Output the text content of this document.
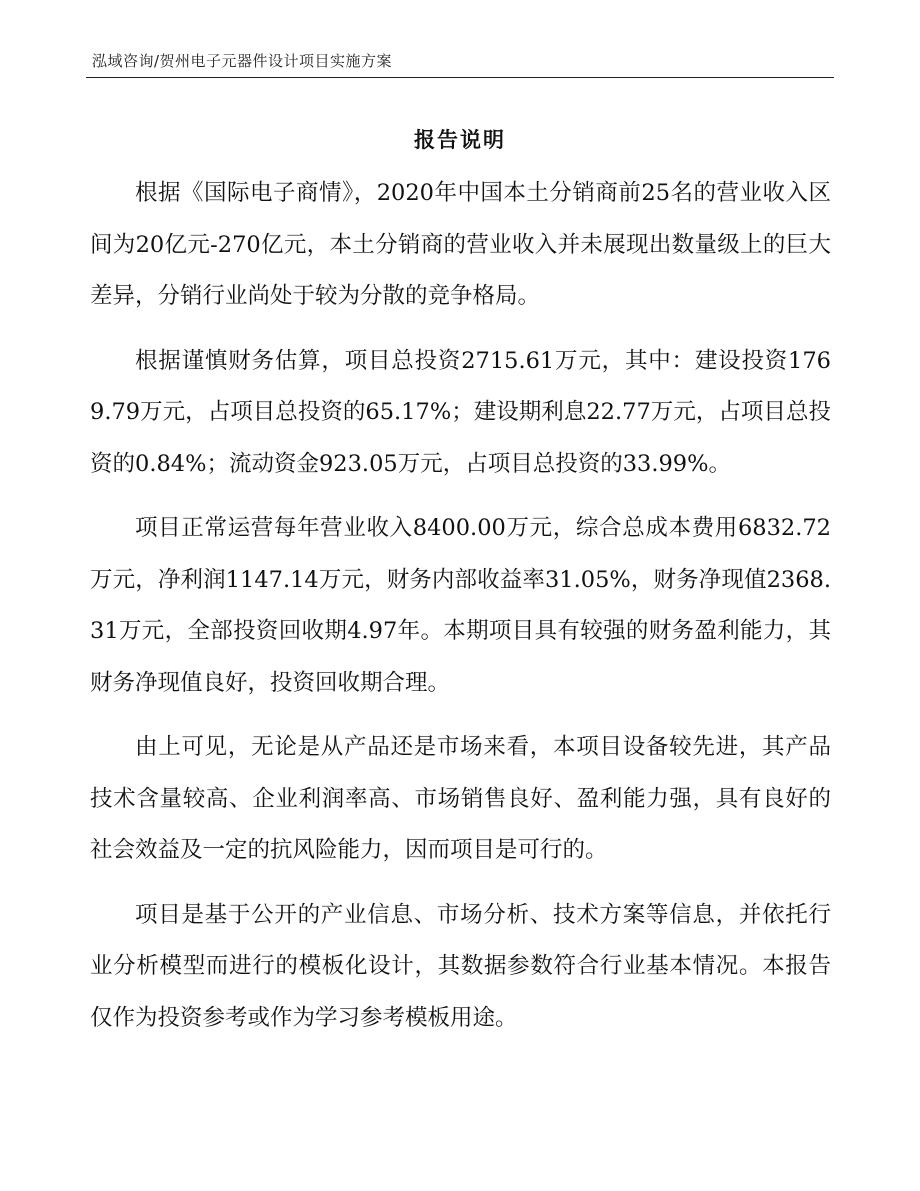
泓域咨询/贺州电子元器件设计项目实施方案
报告说明

根据《国际电子商情》，2020年中国本土分销商前25名的营业收入区间为20亿元-270亿元，本土分销商的营业收入并未展现出数量级上的巨大差异，分销行业尚处于较为分散的竞争格局。

根据谨慎财务估算，项目总投资2715.61万元，其中：建设投资1769.79万元，占项目总投资的65.17%；建设期利息22.77万元，占项目总投资的0.84%；流动资金923.05万元，占项目总投资的33.99%。

项目正常运营每年营业收入8400.00万元，综合总成本费用6832.72万元，净利润1147.14万元，财务内部收益率31.05%，财务净现值2368.31万元，全部投资回收期4.97年。本期项目具有较强的财务盈利能力，其财务净现值良好，投资回收期合理。

由上可见，无论是从产品还是市场来看，本项目设备较先进，其产品技术含量较高、企业利润率高、市场销售良好、盈利能力强，具有良好的社会效益及一定的抗风险能力，因而项目是可行的。

项目是基于公开的产业信息、市场分析、技术方案等信息，并依托行业分析模型而进行的模板化设计，其数据参数符合行业基本情况。本报告仅作为投资参考或作为学习参考模板用途。
